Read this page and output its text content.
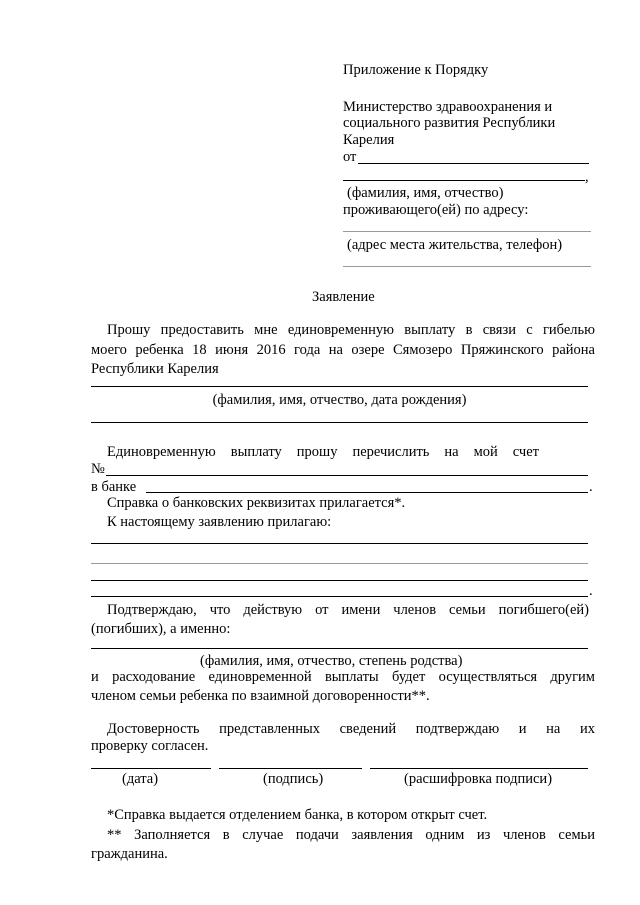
Приложение к Порядку
Министерство здравоохранения и
социального развития Республики
Карелия
от
,
(фамилия, имя, отчество)
проживающего(ей) по адресу:
(адрес места жительства, телефон)
Заявление
Прошу предоставить мне единовременную выплату в связи с гибелью
моего ребенка 18 июня 2016 года на озере Сямозеро Пряжинского района
Республики Карелия
(фамилия, имя, отчество, дата рождения)
Единовременную выплату прошу перечислить на мой счет
№
в банке	.
Справка о банковских реквизитах прилагается*.
К настоящему заявлению прилагаю:
.
Подтверждаю, что действую от имени членов семьи погибшего(ей)
(погибших), а именно:
(фамилия, имя, отчество, степень родства)
и расходование единовременной выплаты будет осуществляться другим
членом семьи ребенка по взаимной договоренности**.
Достоверность представленных сведений подтверждаю и на их
проверку согласен.
(дата)	(подпись)	(расшифровка подписи)
*Справка выдается отделением банка, в котором открыт счет.
** Заполняется в случае подачи заявления одним из членов семьи
гражданина.
